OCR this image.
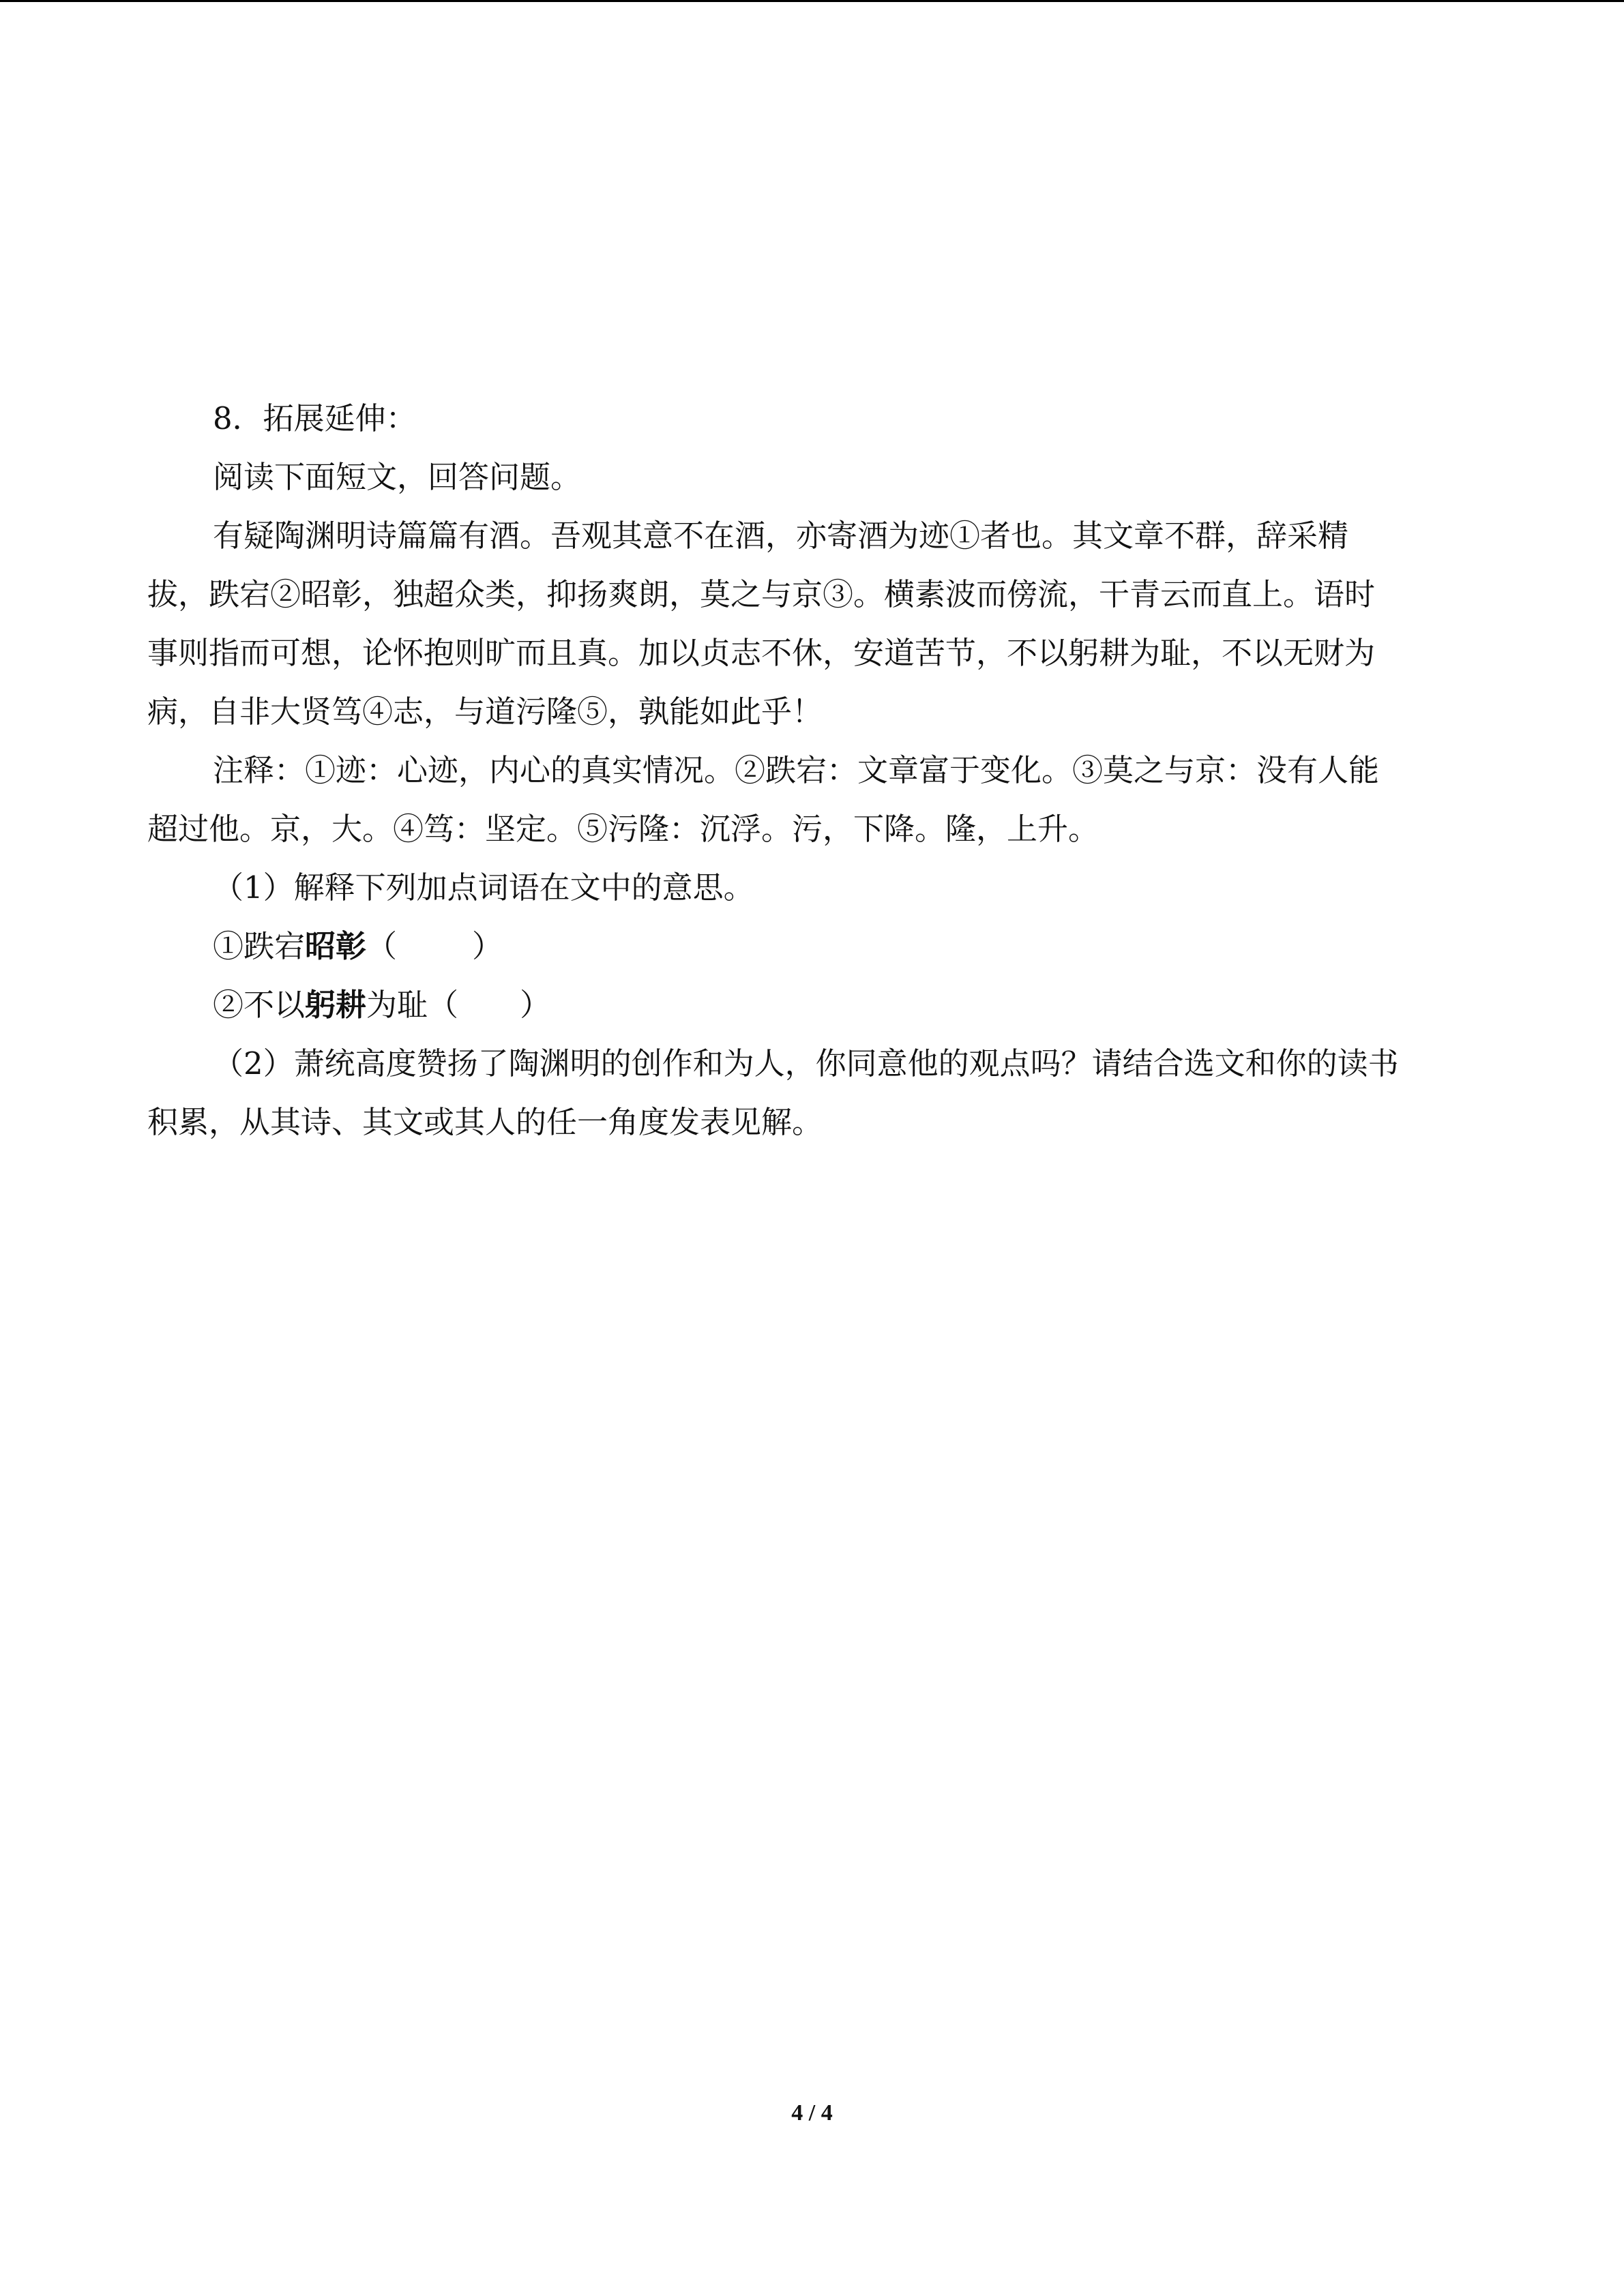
8．拓展延伸：
阅读下面短文，回答问题。
有疑陶渊明诗篇篇有酒。吾观其意不在酒，亦寄酒为迹①者也。其文章不群，辞采精
拔，跌宕②昭彰，独超众类，抑扬爽朗，莫之与京③。横素波而傍流，干青云而直上。语时
事则指而可想，论怀抱则旷而且真。加以贞志不休，安道苦节，不以躬耕为耻，不以无财为
病，自非大贤笃④志，与道污隆⑤，孰能如此乎！
注释：①迹：心迹，内心的真实情况。②跌宕：文章富于变化。③莫之与京：没有人能
超过他。京，大。④笃：坚定。⑤污隆：沉浮。污，下降。隆，上升。
（1）解释下列加点词语在文中的意思。
①跌宕昭彰（ ）
②不以躬耕为耻（ ）
（2）萧统高度赞扬了陶渊明的创作和为人，你同意他的观点吗？请结合选文和你的读书
积累，从其诗、其文或其人的任一角度发表见解。
4 / 4
